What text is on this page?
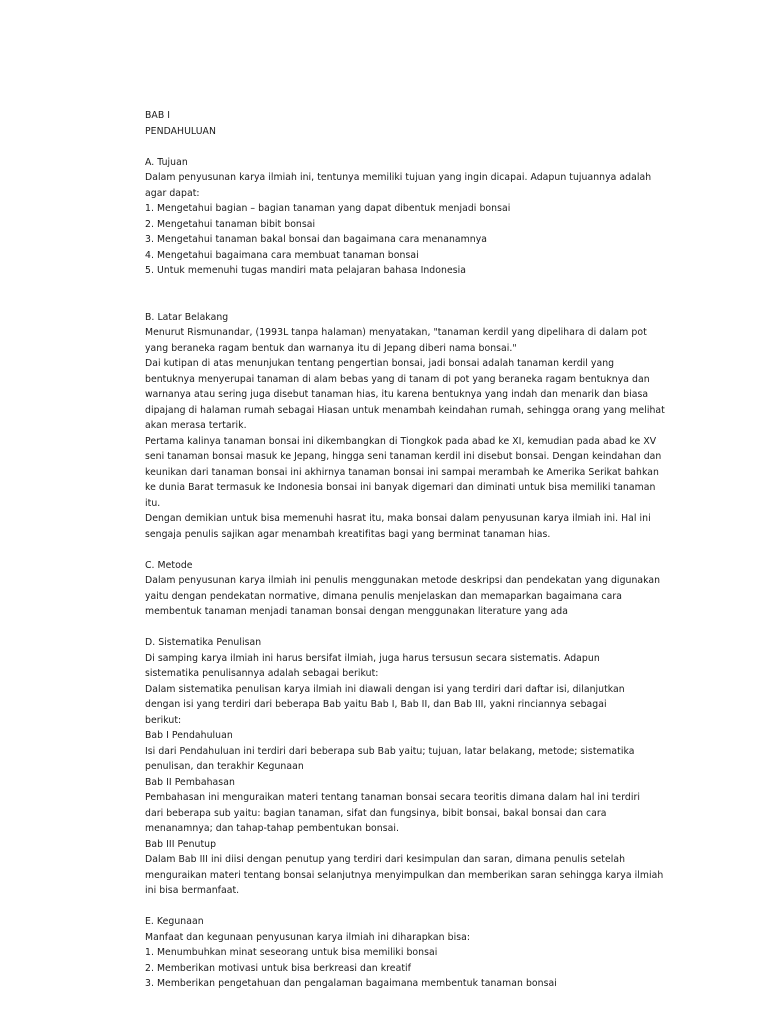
BAB I
PENDAHULUAN
A. Tujuan
Dalam penyusunan karya ilmiah ini, tentunya memiliki tujuan yang ingin dicapai. Adapun tujuannya adalah
agar dapat:
1. Mengetahui bagian – bagian tanaman yang dapat dibentuk menjadi bonsai
2. Mengetahui tanaman bibit bonsai
3. Mengetahui tanaman bakal bonsai dan bagaimana cara menanamnya
4. Mengetahui bagaimana cara membuat tanaman bonsai
5. Untuk memenuhi tugas mandiri mata pelajaran bahasa Indonesia
B. Latar Belakang
Menurut Rismunandar, (1993L tanpa halaman) menyatakan, "tanaman kerdil yang dipelihara di dalam pot
yang beraneka ragam bentuk dan warnanya itu di Jepang diberi nama bonsai."
Dai kutipan di atas menunjukan tentang pengertian bonsai, jadi bonsai adalah tanaman kerdil yang
bentuknya menyerupai tanaman di alam bebas yang di tanam di pot yang beraneka ragam bentuknya dan
warnanya atau sering juga disebut tanaman hias, itu karena bentuknya yang indah dan menarik dan biasa
dipajang di halaman rumah sebagai Hiasan untuk menambah keindahan rumah, sehingga orang yang melihat
akan merasa tertarik.
Pertama kalinya tanaman bonsai ini dikembangkan di Tiongkok pada abad ke XI, kemudian pada abad ke XV
seni tanaman bonsai masuk ke Jepang, hingga seni tanaman kerdil ini disebut bonsai. Dengan keindahan dan
keunikan dari tanaman bonsai ini akhirnya tanaman bonsai ini sampai merambah ke Amerika Serikat bahkan
ke dunia Barat termasuk ke Indonesia bonsai ini banyak digemari dan diminati untuk bisa memiliki tanaman
itu.
Dengan demikian untuk bisa memenuhi hasrat itu, maka bonsai dalam penyusunan karya ilmiah ini. Hal ini
sengaja penulis sajikan agar menambah kreatifitas bagi yang berminat tanaman hias.
C. Metode
Dalam penyusunan karya ilmiah ini penulis menggunakan metode deskripsi dan pendekatan yang digunakan
yaitu dengan pendekatan normative, dimana penulis menjelaskan dan memaparkan bagaimana cara
membentuk tanaman menjadi tanaman bonsai dengan menggunakan literature yang ada
D. Sistematika Penulisan
Di samping karya ilmiah ini harus bersifat ilmiah, juga harus tersusun secara sistematis. Adapun
sistematika penulisannya adalah sebagai berikut:
Dalam sistematika penulisan karya ilmiah ini diawali dengan isi yang terdiri dari daftar isi, dilanjutkan
dengan isi yang terdiri dari beberapa Bab yaitu Bab I, Bab II, dan Bab III, yakni rinciannya sebagai
berikut:
Bab I Pendahuluan
Isi dari Pendahuluan ini terdiri dari beberapa sub Bab yaitu; tujuan, latar belakang, metode; sistematika
penulisan, dan terakhir Kegunaan
Bab II Pembahasan
Pembahasan ini menguraikan materi tentang tanaman bonsai secara teoritis dimana dalam hal ini terdiri
dari beberapa sub yaitu: bagian tanaman, sifat dan fungsinya, bibit bonsai, bakal bonsai dan cara
menanamnya; dan tahap-tahap pembentukan bonsai.
Bab III Penutup
Dalam Bab III ini diisi dengan penutup yang terdiri dari kesimpulan dan saran, dimana penulis setelah
menguraikan materi tentang bonsai selanjutnya menyimpulkan dan memberikan saran sehingga karya ilmiah
ini bisa bermanfaat.
E. Kegunaan
Manfaat dan kegunaan penyusunan karya ilmiah ini diharapkan bisa:
1. Menumbuhkan minat seseorang untuk bisa memiliki bonsai
2. Memberikan motivasi untuk bisa berkreasi dan kreatif
3. Memberikan pengetahuan dan pengalaman bagaimana membentuk tanaman bonsai
